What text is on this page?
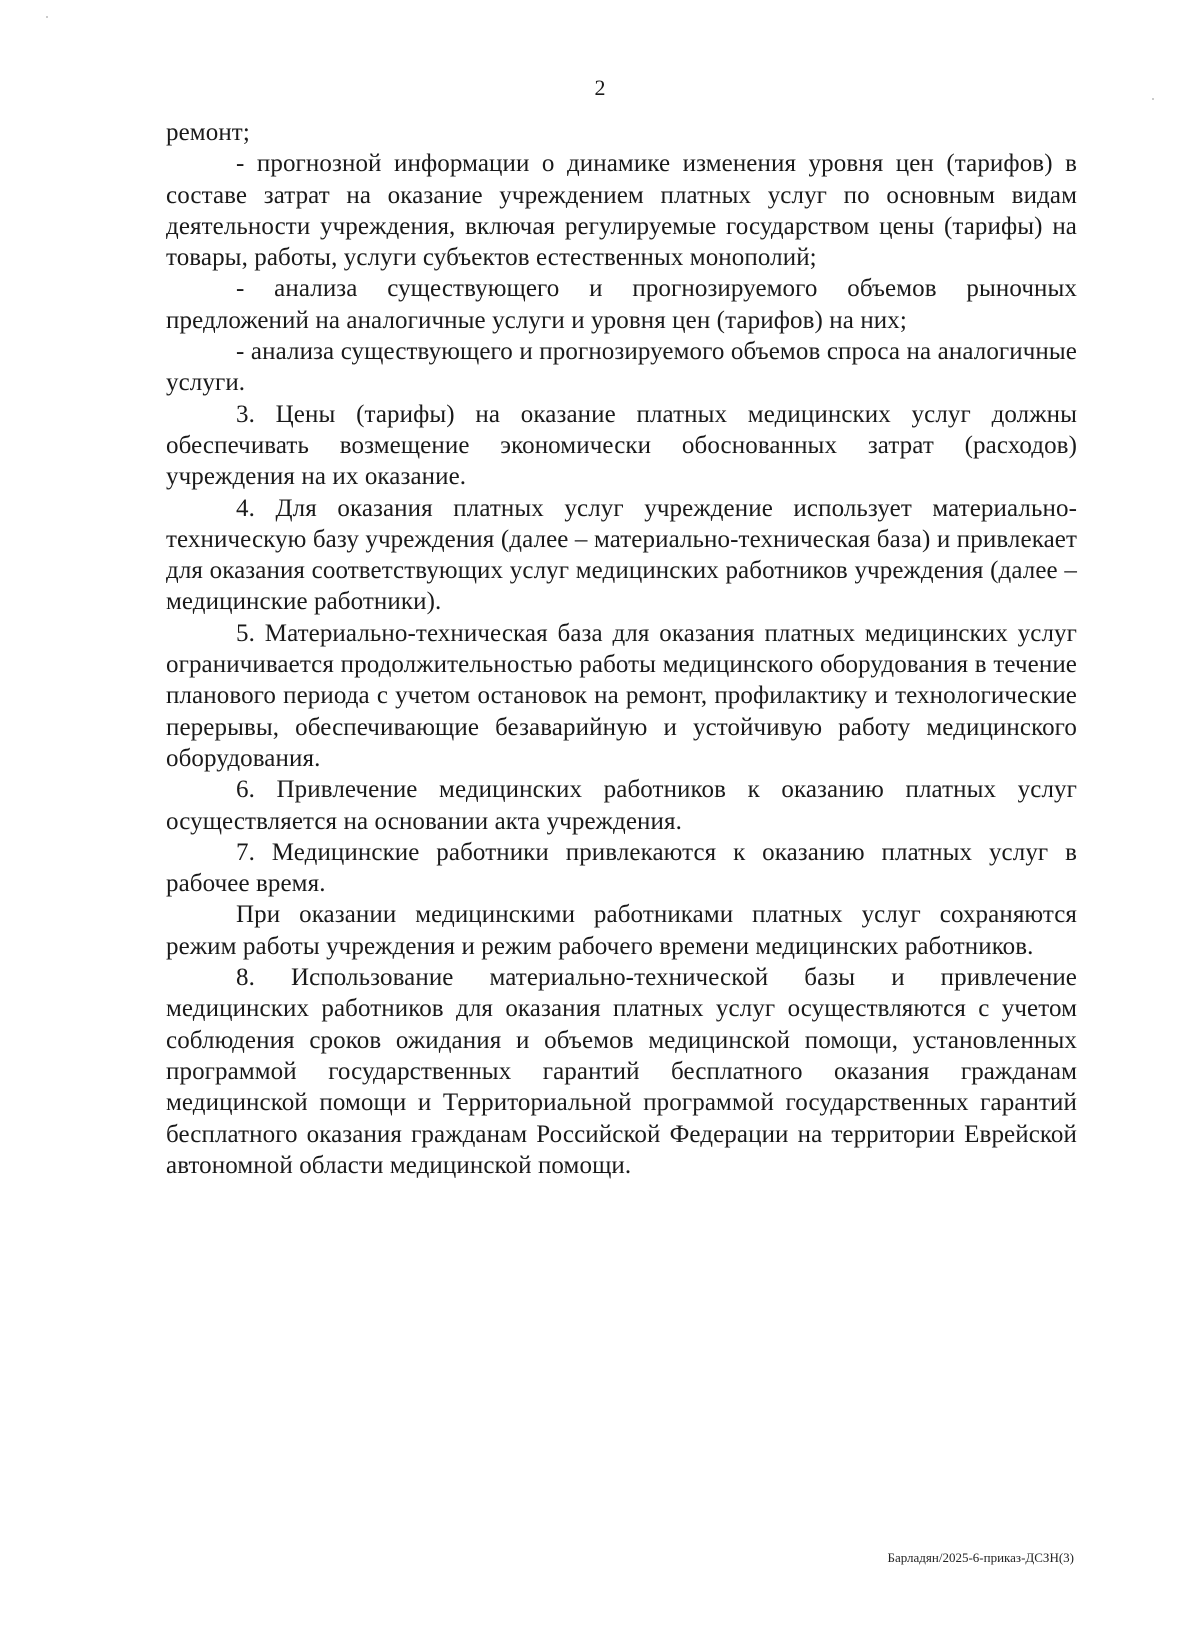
2

ремонт;

- прогнозной информации о динамике изменения уровня цен (тарифов) в составе затрат на оказание учреждением платных услуг по основным видам деятельности учреждения, включая регулируемые государством цены (тарифы) на товары, работы, услуги субъектов естественных монополий;

- анализа существующего и прогнозируемого объемов рыночных предложений на аналогичные услуги и уровня цен (тарифов) на них;

- анализа существующего и прогнозируемого объемов спроса на аналогичные услуги.

3. Цены (тарифы) на оказание платных медицинских услуг должны обеспечивать возмещение экономически обоснованных затрат (расходов) учреждения на их оказание.

4. Для оказания платных услуг учреждение использует материально-техническую базу учреждения (далее – материально-техническая база) и привлекает для оказания соответствующих услуг медицинских работников учреждения (далее – медицинские работники).

5. Материально-техническая база для оказания платных медицинских услуг ограничивается продолжительностью работы медицинского оборудования в течение планового периода с учетом остановок на ремонт, профилактику и технологические перерывы, обеспечивающие безаварийную и устойчивую работу медицинского оборудования.

6. Привлечение медицинских работников к оказанию платных услуг осуществляется на основании акта учреждения.

7. Медицинские работники привлекаются к оказанию платных услуг в рабочее время.

При оказании медицинскими работниками платных услуг сохраняются режим работы учреждения и режим рабочего времени медицинских работников.

8. Использование материально-технической базы и привлечение медицинских работников для оказания платных услуг осуществляются с учетом соблюдения сроков ожидания и объемов медицинской помощи, установленных программой государственных гарантий бесплатного оказания гражданам медицинской помощи и Территориальной программой государственных гарантий бесплатного оказания гражданам Российской Федерации на территории Еврейской автономной области медицинской помощи.

Барладян/2025-6-приказ-ДСЗН(3)
